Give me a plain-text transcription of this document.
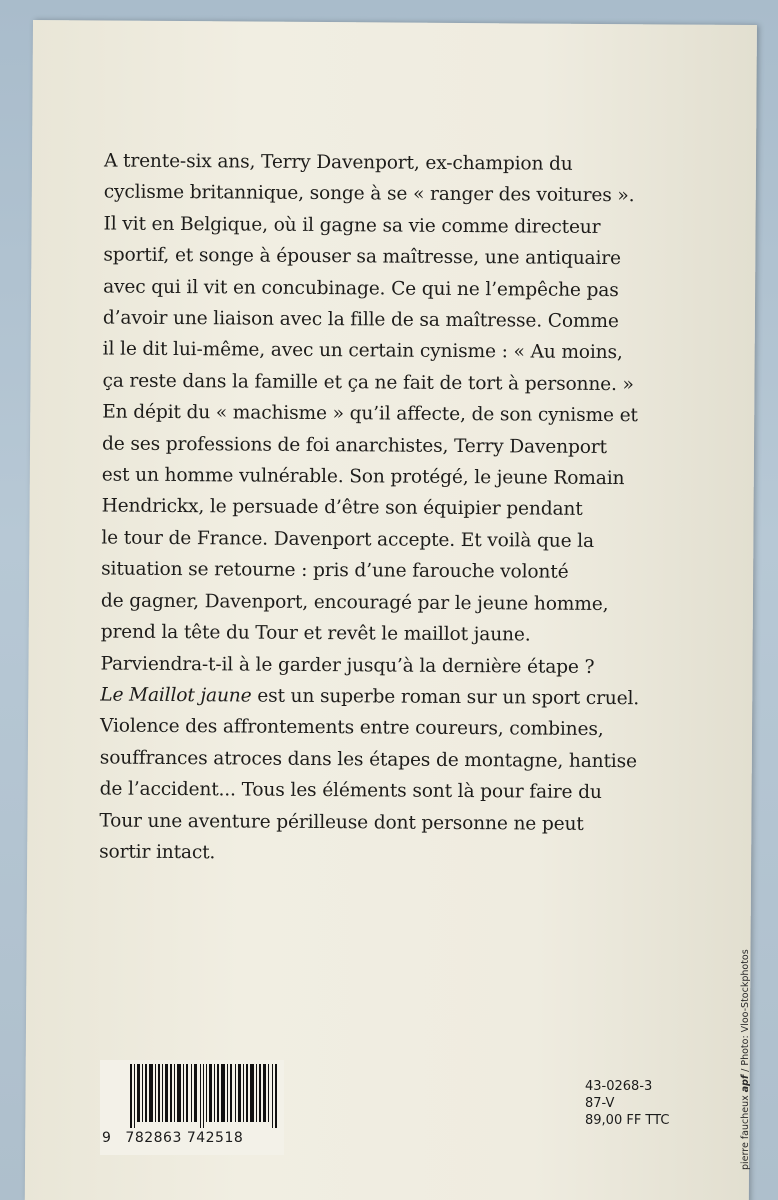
A trente-six ans, Terry Davenport, ex-champion du
cyclisme britannique, songe à se « ranger des voitures ».
Il vit en Belgique, où il gagne sa vie comme directeur
sportif, et songe à épouser sa maîtresse, une antiquaire
avec qui il vit en concubinage. Ce qui ne l’empêche pas
d’avoir une liaison avec la fille de sa maîtresse. Comme
il le dit lui-même, avec un certain cynisme : « Au moins,
ça reste dans la famille et ça ne fait de tort à personne. »
En dépit du « machisme » qu’il affecte, de son cynisme et
de ses professions de foi anarchistes, Terry Davenport
est un homme vulnérable. Son protégé, le jeune Romain
Hendrickx, le persuade d’être son équipier pendant
le tour de France. Davenport accepte. Et voilà que la
situation se retourne : pris d’une farouche volonté
de gagner, Davenport, encouragé par le jeune homme,
prend la tête du Tour et revêt le maillot jaune.
Parviendra-t-il à le garder jusqu’à la dernière étape ?
Le Maillot jaune est un superbe roman sur un sport cruel.
Violence des affrontements entre coureurs, combines,
souffrances atroces dans les étapes de montagne, hantise
de l’accident... Tous les éléments sont là pour faire du
Tour une aventure périlleuse dont personne ne peut
sortir intact.
9 782863 742518
43-0268-3
87-V
89,00 FF TTC	pierre faucheux apf / Photo: Vloo-Stockphotos
